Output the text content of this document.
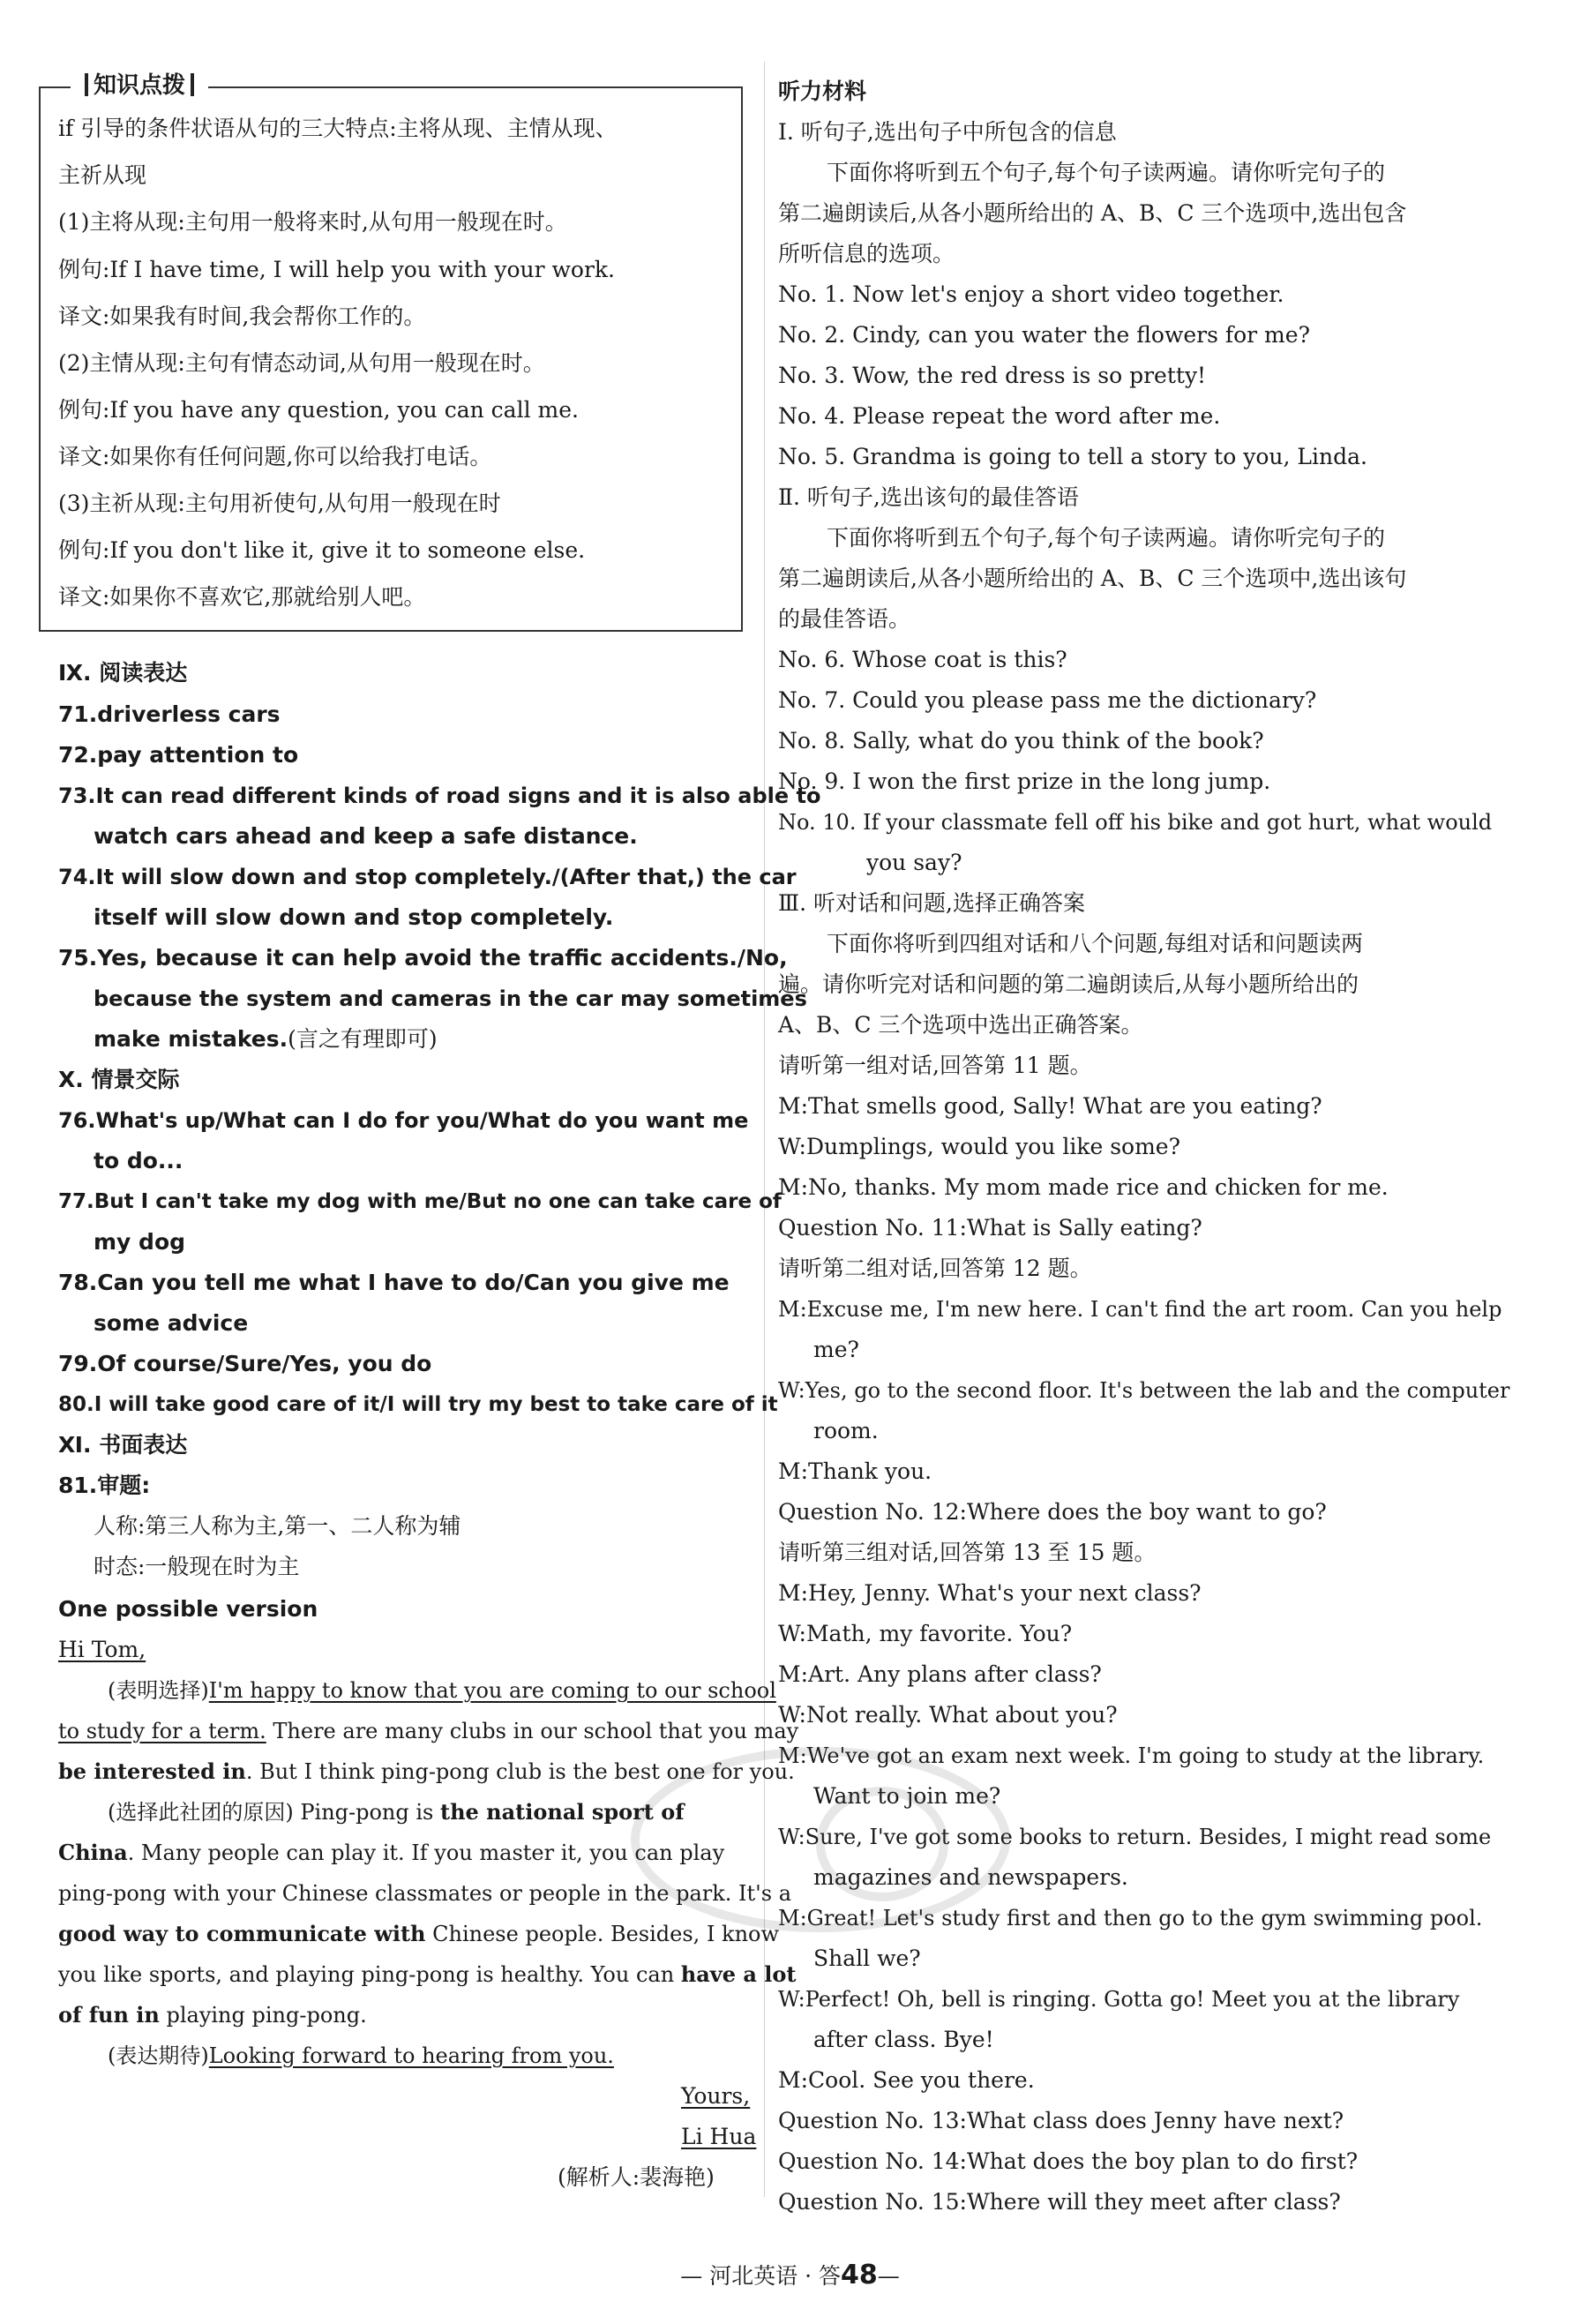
知识点拨
if 引导的条件状语从句的三大特点:主将从现、主情从现、
主祈从现
(1)主将从现:主句用一般将来时,从句用一般现在时。
例句:If I have time, I will help you with your work.
译文:如果我有时间,我会帮你工作的。
(2)主情从现:主句有情态动词,从句用一般现在时。
例句:If you have any question, you can call me.
译文:如果你有任何问题,你可以给我打电话。
(3)主祈从现:主句用祈使句,从句用一般现在时
例句:If you don't like it, give it to someone else.
译文:如果你不喜欢它,那就给别人吧。
Ⅸ. 阅读表达
71.driverless cars
72.pay attention to
73.It can read different kinds of road signs and it is also able to
watch cars ahead and keep a safe distance.
74.It will slow down and stop completely./(After that,) the car
itself will slow down and stop completely.
75.Yes, because it can help avoid the traffic accidents./No,
because the system and cameras in the car may sometimes
make mistakes.(言之有理即可)
Ⅹ. 情景交际
76.What's up/What can I do for you/What do you want me
to do...
77.But I can't take my dog with me/But no one can take care of
my dog
78.Can you tell me what I have to do/Can you give me
some advice
79.Of course/Sure/Yes, you do
80.I will take good care of it/I will try my best to take care of it
Ⅺ. 书面表达
81.审题:
人称:第三人称为主,第一、二人称为辅
时态:一般现在时为主
One possible version
Hi Tom,
(表明选择)I'm happy to know that you are coming to our school
to study for a term. There are many clubs in our school that you may
be interested in. But I think ping-pong club is the best one for you.
(选择此社团的原因) Ping-pong is the national sport of
China. Many people can play it. If you master it, you can play
ping-pong with your Chinese classmates or people in the park. It's a
good way to communicate with Chinese people. Besides, I know
you like sports, and playing ping-pong is healthy. You can have a lot
of fun in playing ping-pong.
(表达期待)Looking forward to hearing from you.
Yours,
Li Hua
(解析人:裴海艳)
听力材料
Ⅰ. 听句子,选出句子中所包含的信息
下面你将听到五个句子,每个句子读两遍。请你听完句子的
第二遍朗读后,从各小题所给出的 A、B、C 三个选项中,选出包含
所听信息的选项。
No. 1. Now let's enjoy a short video together.
No. 2. Cindy, can you water the flowers for me?
No. 3. Wow, the red dress is so pretty!
No. 4. Please repeat the word after me.
No. 5. Grandma is going to tell a story to you, Linda.
Ⅱ. 听句子,选出该句的最佳答语
下面你将听到五个句子,每个句子读两遍。请你听完句子的
第二遍朗读后,从各小题所给出的 A、B、C 三个选项中,选出该句
的最佳答语。
No. 6. Whose coat is this?
No. 7. Could you please pass me the dictionary?
No. 8. Sally, what do you think of the book?
No. 9. I won the first prize in the long jump.
No. 10. If your classmate fell off his bike and got hurt, what would
you say?
Ⅲ. 听对话和问题,选择正确答案
下面你将听到四组对话和八个问题,每组对话和问题读两
遍。请你听完对话和问题的第二遍朗读后,从每小题所给出的
A、B、C 三个选项中选出正确答案。
请听第一组对话,回答第 11 题。
M:That smells good, Sally! What are you eating?
W:Dumplings, would you like some?
M:No, thanks. My mom made rice and chicken for me.
Question No. 11:What is Sally eating?
请听第二组对话,回答第 12 题。
M:Excuse me, I'm new here. I can't find the art room. Can you help
me?
W:Yes, go to the second floor. It's between the lab and the computer
room.
M:Thank you.
Question No. 12:Where does the boy want to go?
请听第三组对话,回答第 13 至 15 题。
M:Hey, Jenny. What's your next class?
W:Math, my favorite. You?
M:Art. Any plans after class?
W:Not really. What about you?
M:We've got an exam next week. I'm going to study at the library.
Want to join me?
W:Sure, I've got some books to return. Besides, I might read some
magazines and newspapers.
M:Great! Let's study first and then go to the gym swimming pool.
Shall we?
W:Perfect! Oh, bell is ringing. Gotta go! Meet you at the library
after class. Bye!
M:Cool. See you there.
Question No. 13:What class does Jenny have next?
Question No. 14:What does the boy plan to do first?
Question No. 15:Where will they meet after class?
— 河北英语 · 答48—
